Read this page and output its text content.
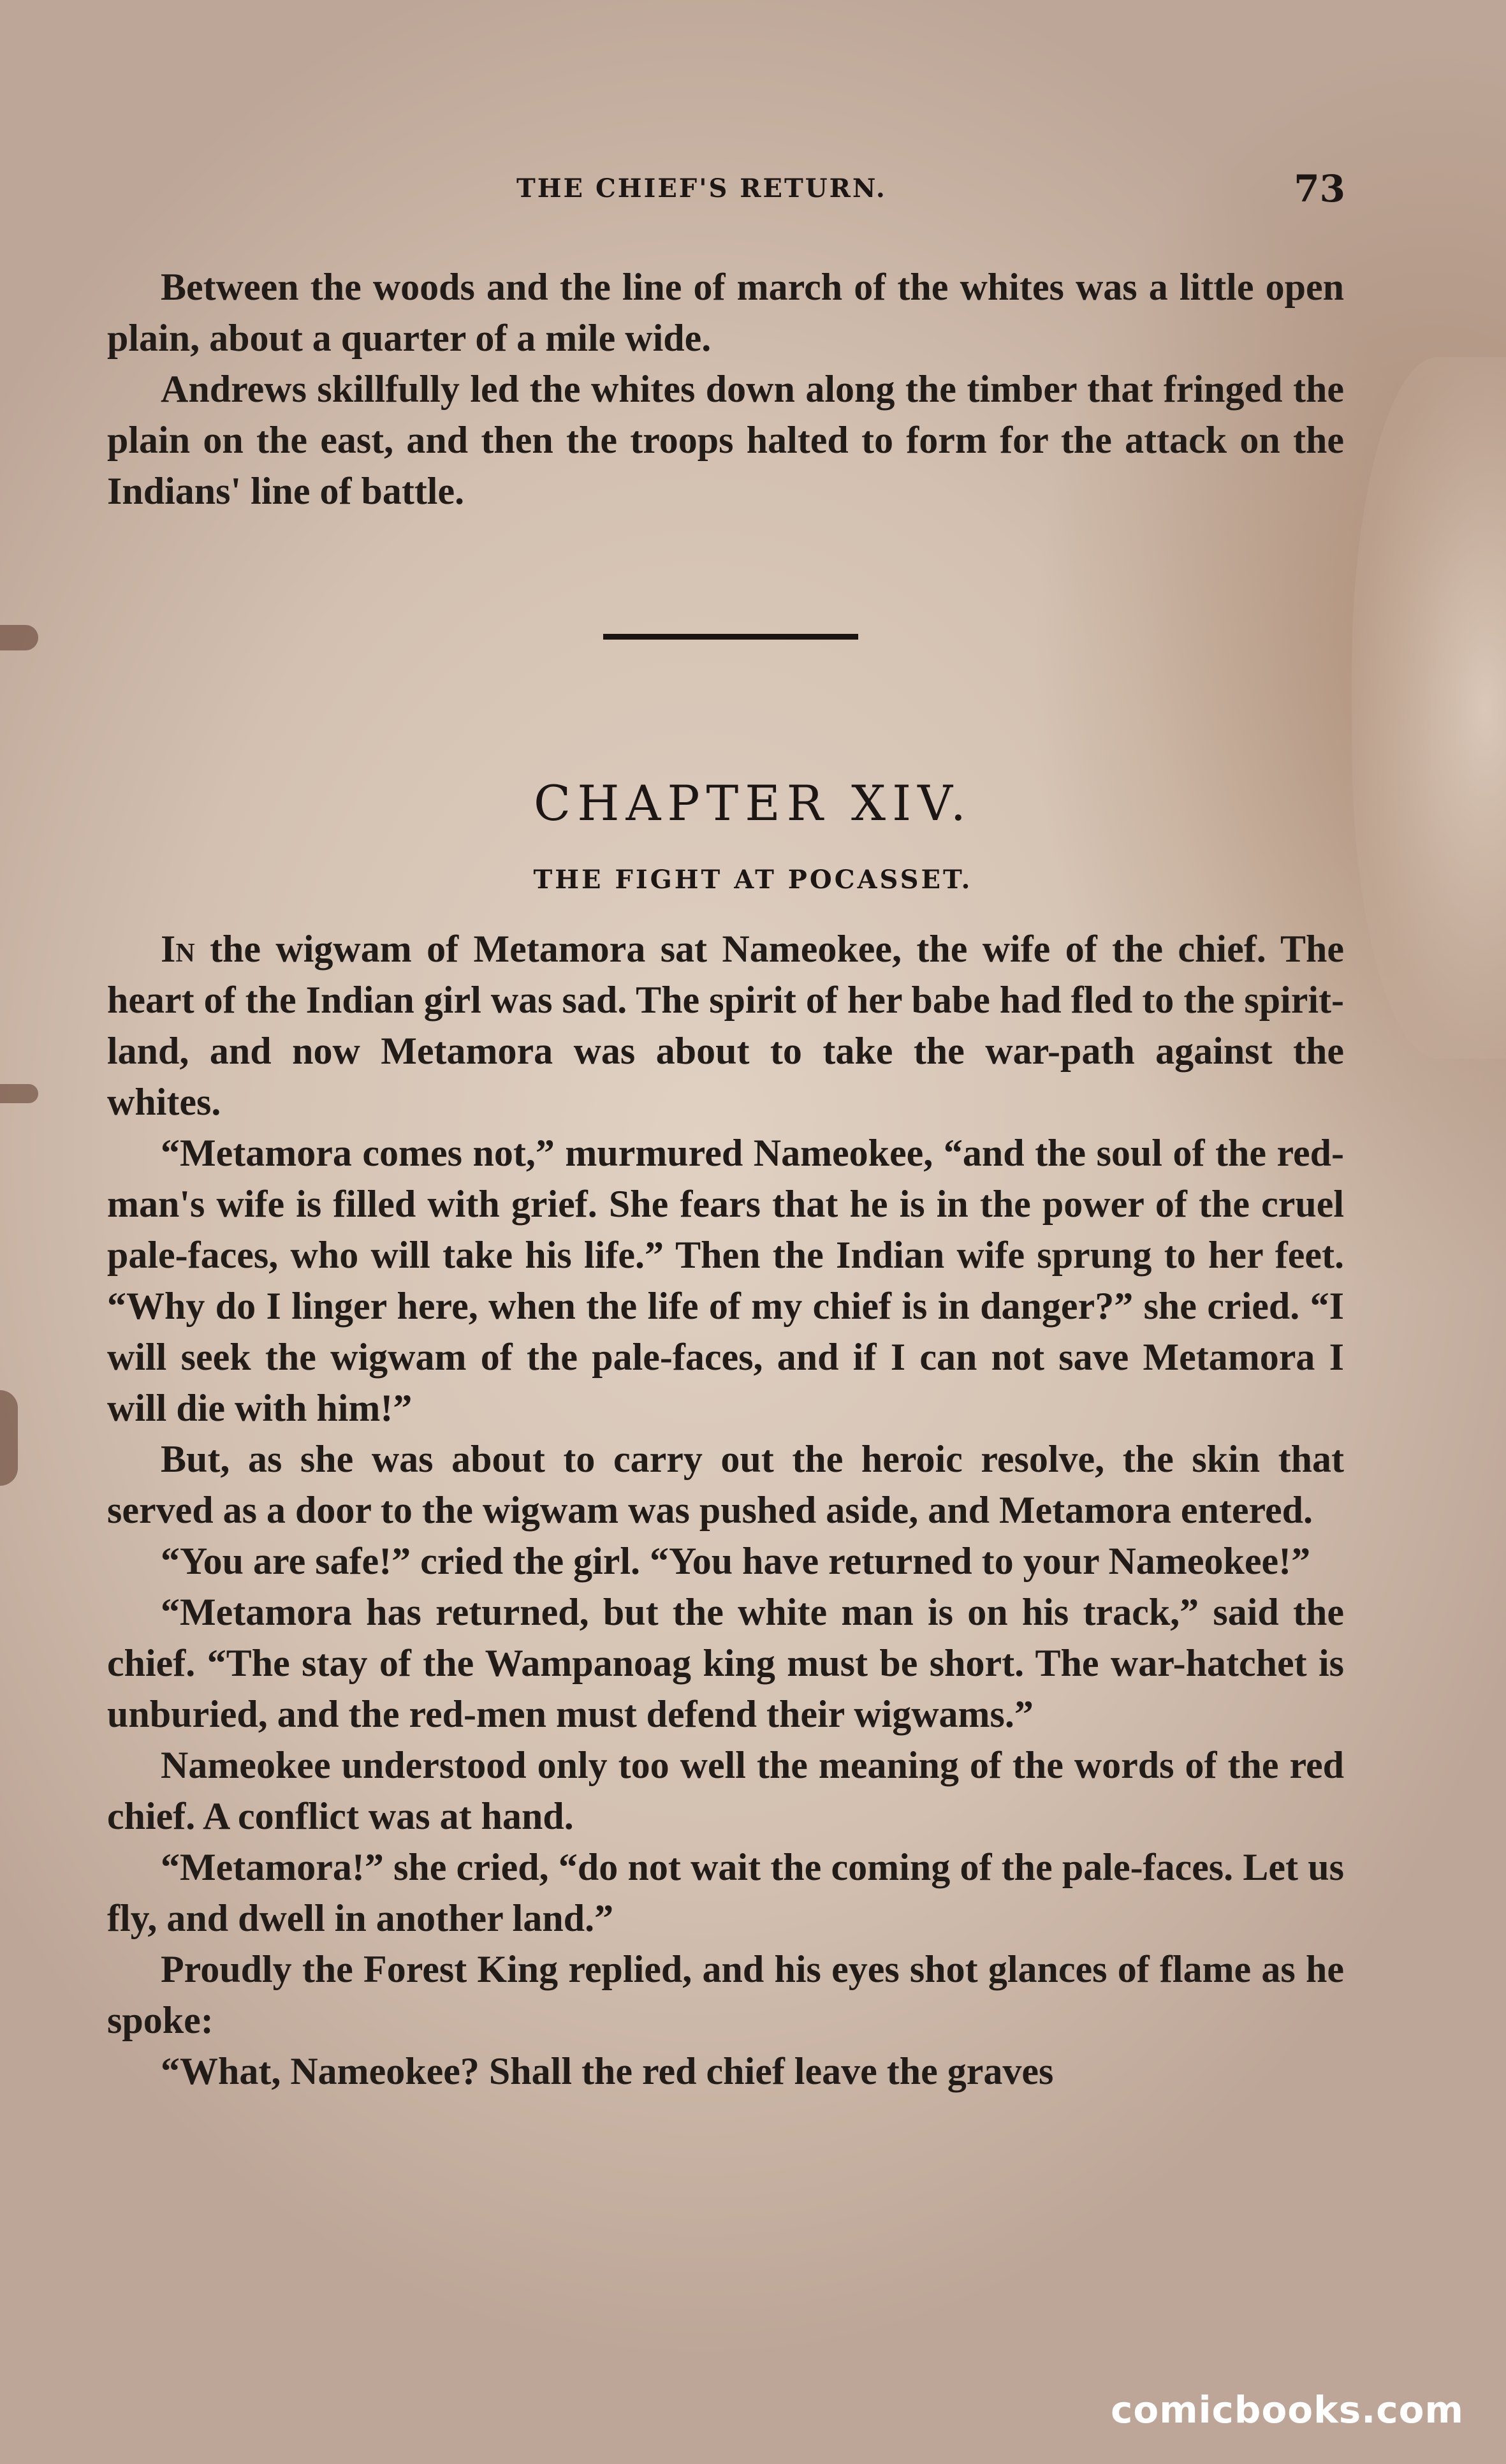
THE CHIEF'S RETURN.	73

Between the woods and the line of march of the whites was a little open plain, about a quarter of a mile wide.

Andrews skillfully led the whites down along the timber that fringed the plain on the east, and then the troops halted to form for the attack on the Indians' line of battle.

CHAPTER XIV.
THE FIGHT AT POCASSET.

In the wigwam of Metamora sat Nameokee, the wife of the chief. The heart of the Indian girl was sad. The spirit of her babe had fled to the spirit-land, and now Metamora was about to take the war-path against the whites.

“Metamora comes not,” murmured Nameokee, “and the soul of the red-man's wife is filled with grief. She fears that he is in the power of the cruel pale-faces, who will take his life.” Then the Indian wife sprung to her feet. “Why do I linger here, when the life of my chief is in danger?” she cried. “I will seek the wigwam of the pale-faces, and if I can not save Metamora I will die with him!”

But, as she was about to carry out the heroic resolve, the skin that served as a door to the wigwam was pushed aside, and Metamora entered.

“You are safe!” cried the girl. “You have returned to your Nameokee!”

“Metamora has returned, but the white man is on his track,” said the chief. “The stay of the Wampanoag king must be short. The war-hatchet is unburied, and the red-men must defend their wigwams.”

Nameokee understood only too well the meaning of the words of the red chief. A conflict was at hand.

“Metamora!” she cried, “do not wait the coming of the pale-faces. Let us fly, and dwell in another land.”

Proudly the Forest King replied, and his eyes shot glances of flame as he spoke:

“What, Nameokee? Shall the red chief leave the graves

comicbooks.com
